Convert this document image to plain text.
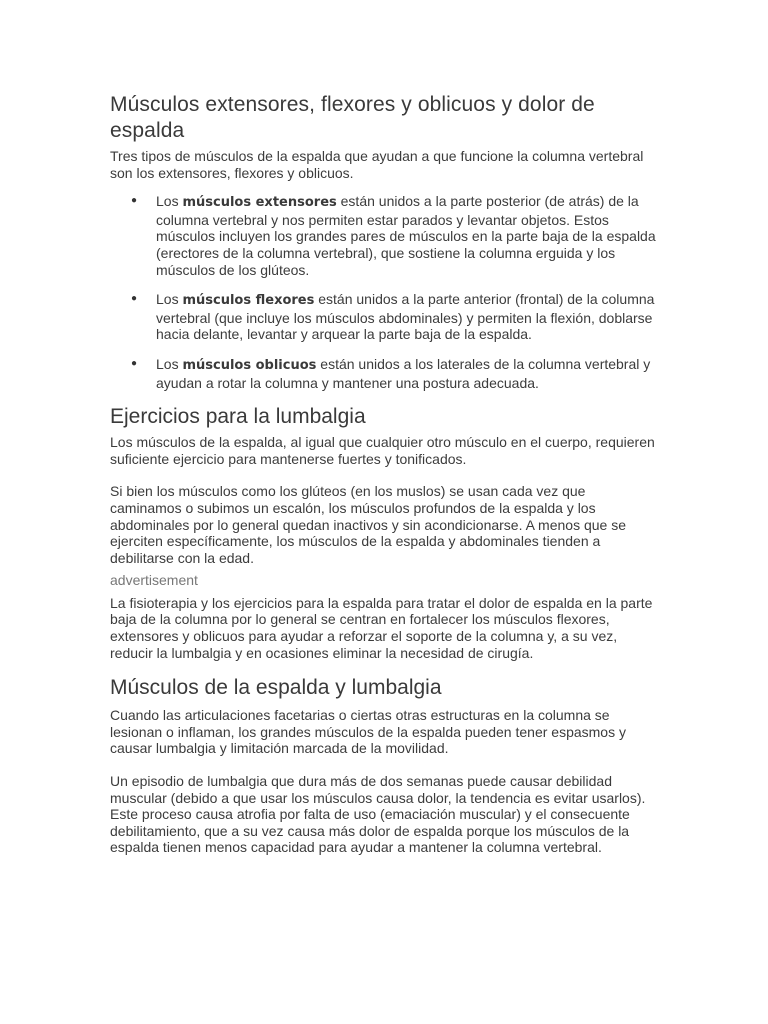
Músculos extensores, flexores y oblicuos y dolor de espalda

Tres tipos de músculos de la espalda que ayudan a que funcione la columna vertebral son los extensores, flexores y oblicuos.

● Los músculos extensores están unidos a la parte posterior (de atrás) de la columna vertebral y nos permiten estar parados y levantar objetos. Estos músculos incluyen los grandes pares de músculos en la parte baja de la espalda (erectores de la columna vertebral), que sostiene la columna erguida y los músculos de los glúteos.
● Los músculos flexores están unidos a la parte anterior (frontal) de la columna vertebral (que incluye los músculos abdominales) y permiten la flexión, doblarse hacia delante, levantar y arquear la parte baja de la espalda.
● Los músculos oblicuos están unidos a los laterales de la columna vertebral y ayudan a rotar la columna y mantener una postura adecuada.
Ejercicios para la lumbalgia

Los músculos de la espalda, al igual que cualquier otro músculo en el cuerpo, requieren suficiente ejercicio para mantenerse fuertes y tonificados.

Si bien los músculos como los glúteos (en los muslos) se usan cada vez que caminamos o subimos un escalón, los músculos profundos de la espalda y los abdominales por lo general quedan inactivos y sin acondicionarse. A menos que se ejerciten específicamente, los músculos de la espalda y abdominales tienden a debilitarse con la edad.

advertisement

La fisioterapia y los ejercicios para la espalda para tratar el dolor de espalda en la parte baja de la columna por lo general se centran en fortalecer los músculos flexores, extensores y oblicuos para ayudar a reforzar el soporte de la columna y, a su vez, reducir la lumbalgia y en ocasiones eliminar la necesidad de cirugía.

Músculos de la espalda y lumbalgia

Cuando las articulaciones facetarias o ciertas otras estructuras en la columna se lesionan o inflaman, los grandes músculos de la espalda pueden tener espasmos y causar lumbalgia y limitación marcada de la movilidad.

Un episodio de lumbalgia que dura más de dos semanas puede causar debilidad muscular (debido a que usar los músculos causa dolor, la tendencia es evitar usarlos). Este proceso causa atrofia por falta de uso (emaciación muscular) y el consecuente debilitamiento, que a su vez causa más dolor de espalda porque los músculos de la espalda tienen menos capacidad para ayudar a mantener la columna vertebral.
